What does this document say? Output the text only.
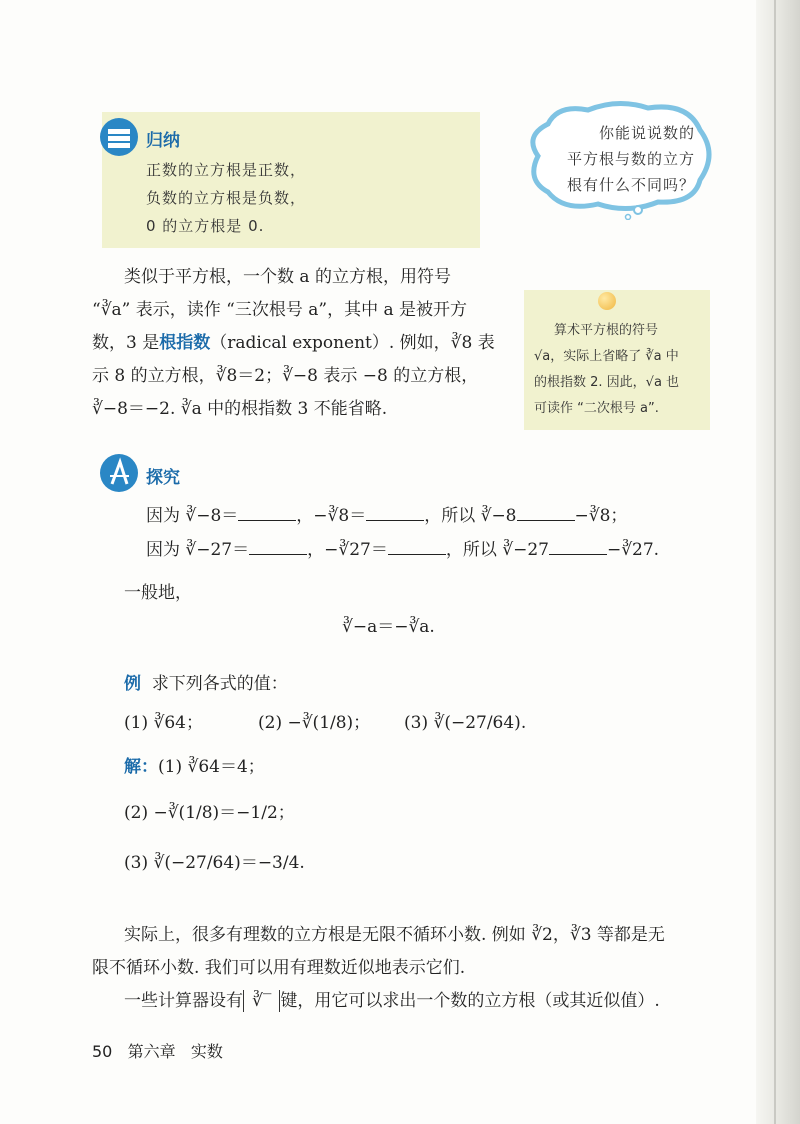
归纳
正数的立方根是正数，
负数的立方根是负数，
0 的立方根是 0.
你能说说数的
平方根与数的立方
根有什么不同吗？
类似于平方根，一个数 a 的立方根，用符号
“∛a” 表示，读作 “三次根号 a”，其中 a 是被开方
数，3 是根指数（radical exponent）. 例如，∛8 表
示 8 的立方根，∛8＝2；∛−8 表示 −8 的立方根，
∛−8＝−2. ∛a 中的根指数 3 不能省略.
算术平方根的符号
√a，实际上省略了 ∛a 中
的根指数 2. 因此，√a 也
可读作 “二次根号 a”.
探究
因为 ∛−8＝	，−∛8＝	，所以 ∛−8	−∛8；
因为 ∛−27＝	，−∛27＝	，所以 ∛−27	−∛27.
一般地，
∛−a＝−∛a.
例 求下列各式的值：
(1) ∛64；	(2) −∛(1/8)； (3) ∛(−27/64).
解：(1) ∛64＝4；
(2) −∛(1/8)＝−1/2；
(3) ∛(−27/64)＝−3/4.
实际上，很多有理数的立方根是无限不循环小数. 例如 ∛2，∛3 等都是无
限不循环小数. 我们可以用有理数近似地表示它们.
一些计算器设有 ∛‾ 键，用它可以求出一个数的立方根（或其近似值）.
50 第六章 实数
